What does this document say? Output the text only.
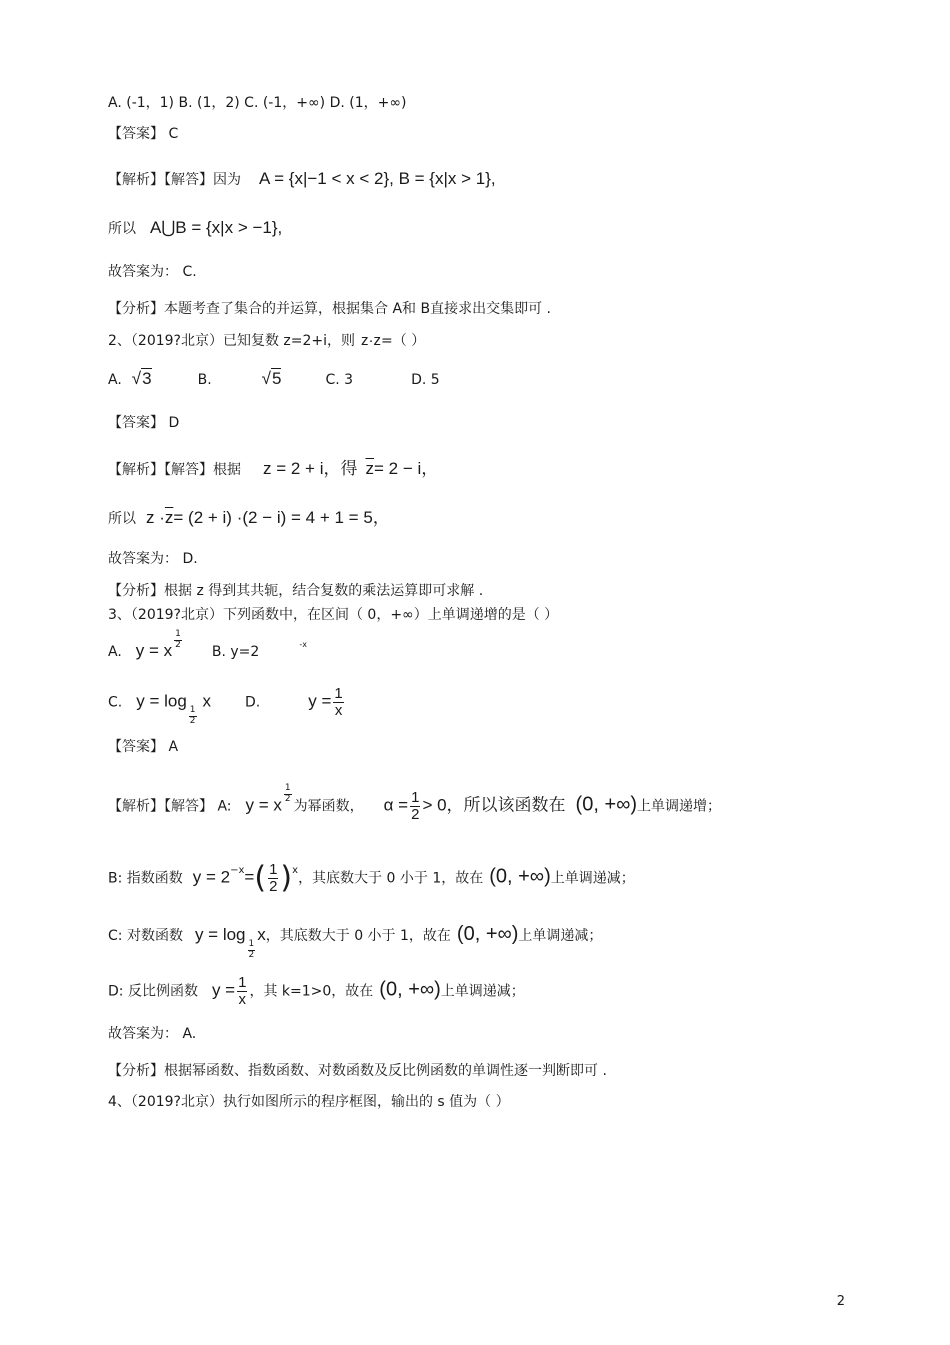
A. (-1，1) B. (1，2) C. (-1，+∞) D. (1，+∞)
【答案】 C
【解析】【解答】因为 A = {x|−1 < x < 2}, B = {x|x > 1},
所以 A⋃B = {x|x > −1},
故答案为： C.
【分析】本题考查了集合的并运算，根据集合 A和 B直接求出交集即可 .
2、（2019?北京）已知复数 z=2+i，则 z·z=（ ）
A. √3	B.	√5	C. 3	D. 5
【答案】 D
【解析】【解答】根据 z = 2 + i，得 $\overline{z}= 2 - i$，
所以 $z \cdot\overline{z}= (2 + i) \cdot(2 - i) = 4 + 1 = 5$，
故答案为： D.
【分析】根据 z 得到其共轭，结合复数的乘法运算即可求解 .
3、（2019?北京）下列函数中，在区间（ 0，+∞）上单调递增的是（ ）
A. y = x
$\frac{1}{2}$
B. y=2	$^{-x}$
C. y = log
$\frac{1}{2}$
x D.	$y = \frac{1}{x}$
【答案】 A
【解析】【解答】 A: y = x
$\frac{1}{2}$
为幂函数， $\alpha = \frac{1}{2} > 0$，所以该函数在 (0, +∞)上单调递增；
B: 指数函数 $y = 2^{-x}=( \frac{1}{2} )^x$，其底数大于 0 小于 1，故在 (0, +∞)上单调递减；
C: 对数函数 y = log
$\frac{1}{2}$
x，其底数大于 0 小于 1，故在 (0, +∞)上单调递减；
D: 反比例函数 $y = \frac{1}{x}$ ，其 k=1>0，故在 (0, +∞)上单调递减；
故答案为： A.
【分析】根据幂函数、指数函数、对数函数及反比例函数的单调性逐一判断即可 .
4、（2019?北京）执行如图所示的程序框图，输出的 s 值为（ ）
2
